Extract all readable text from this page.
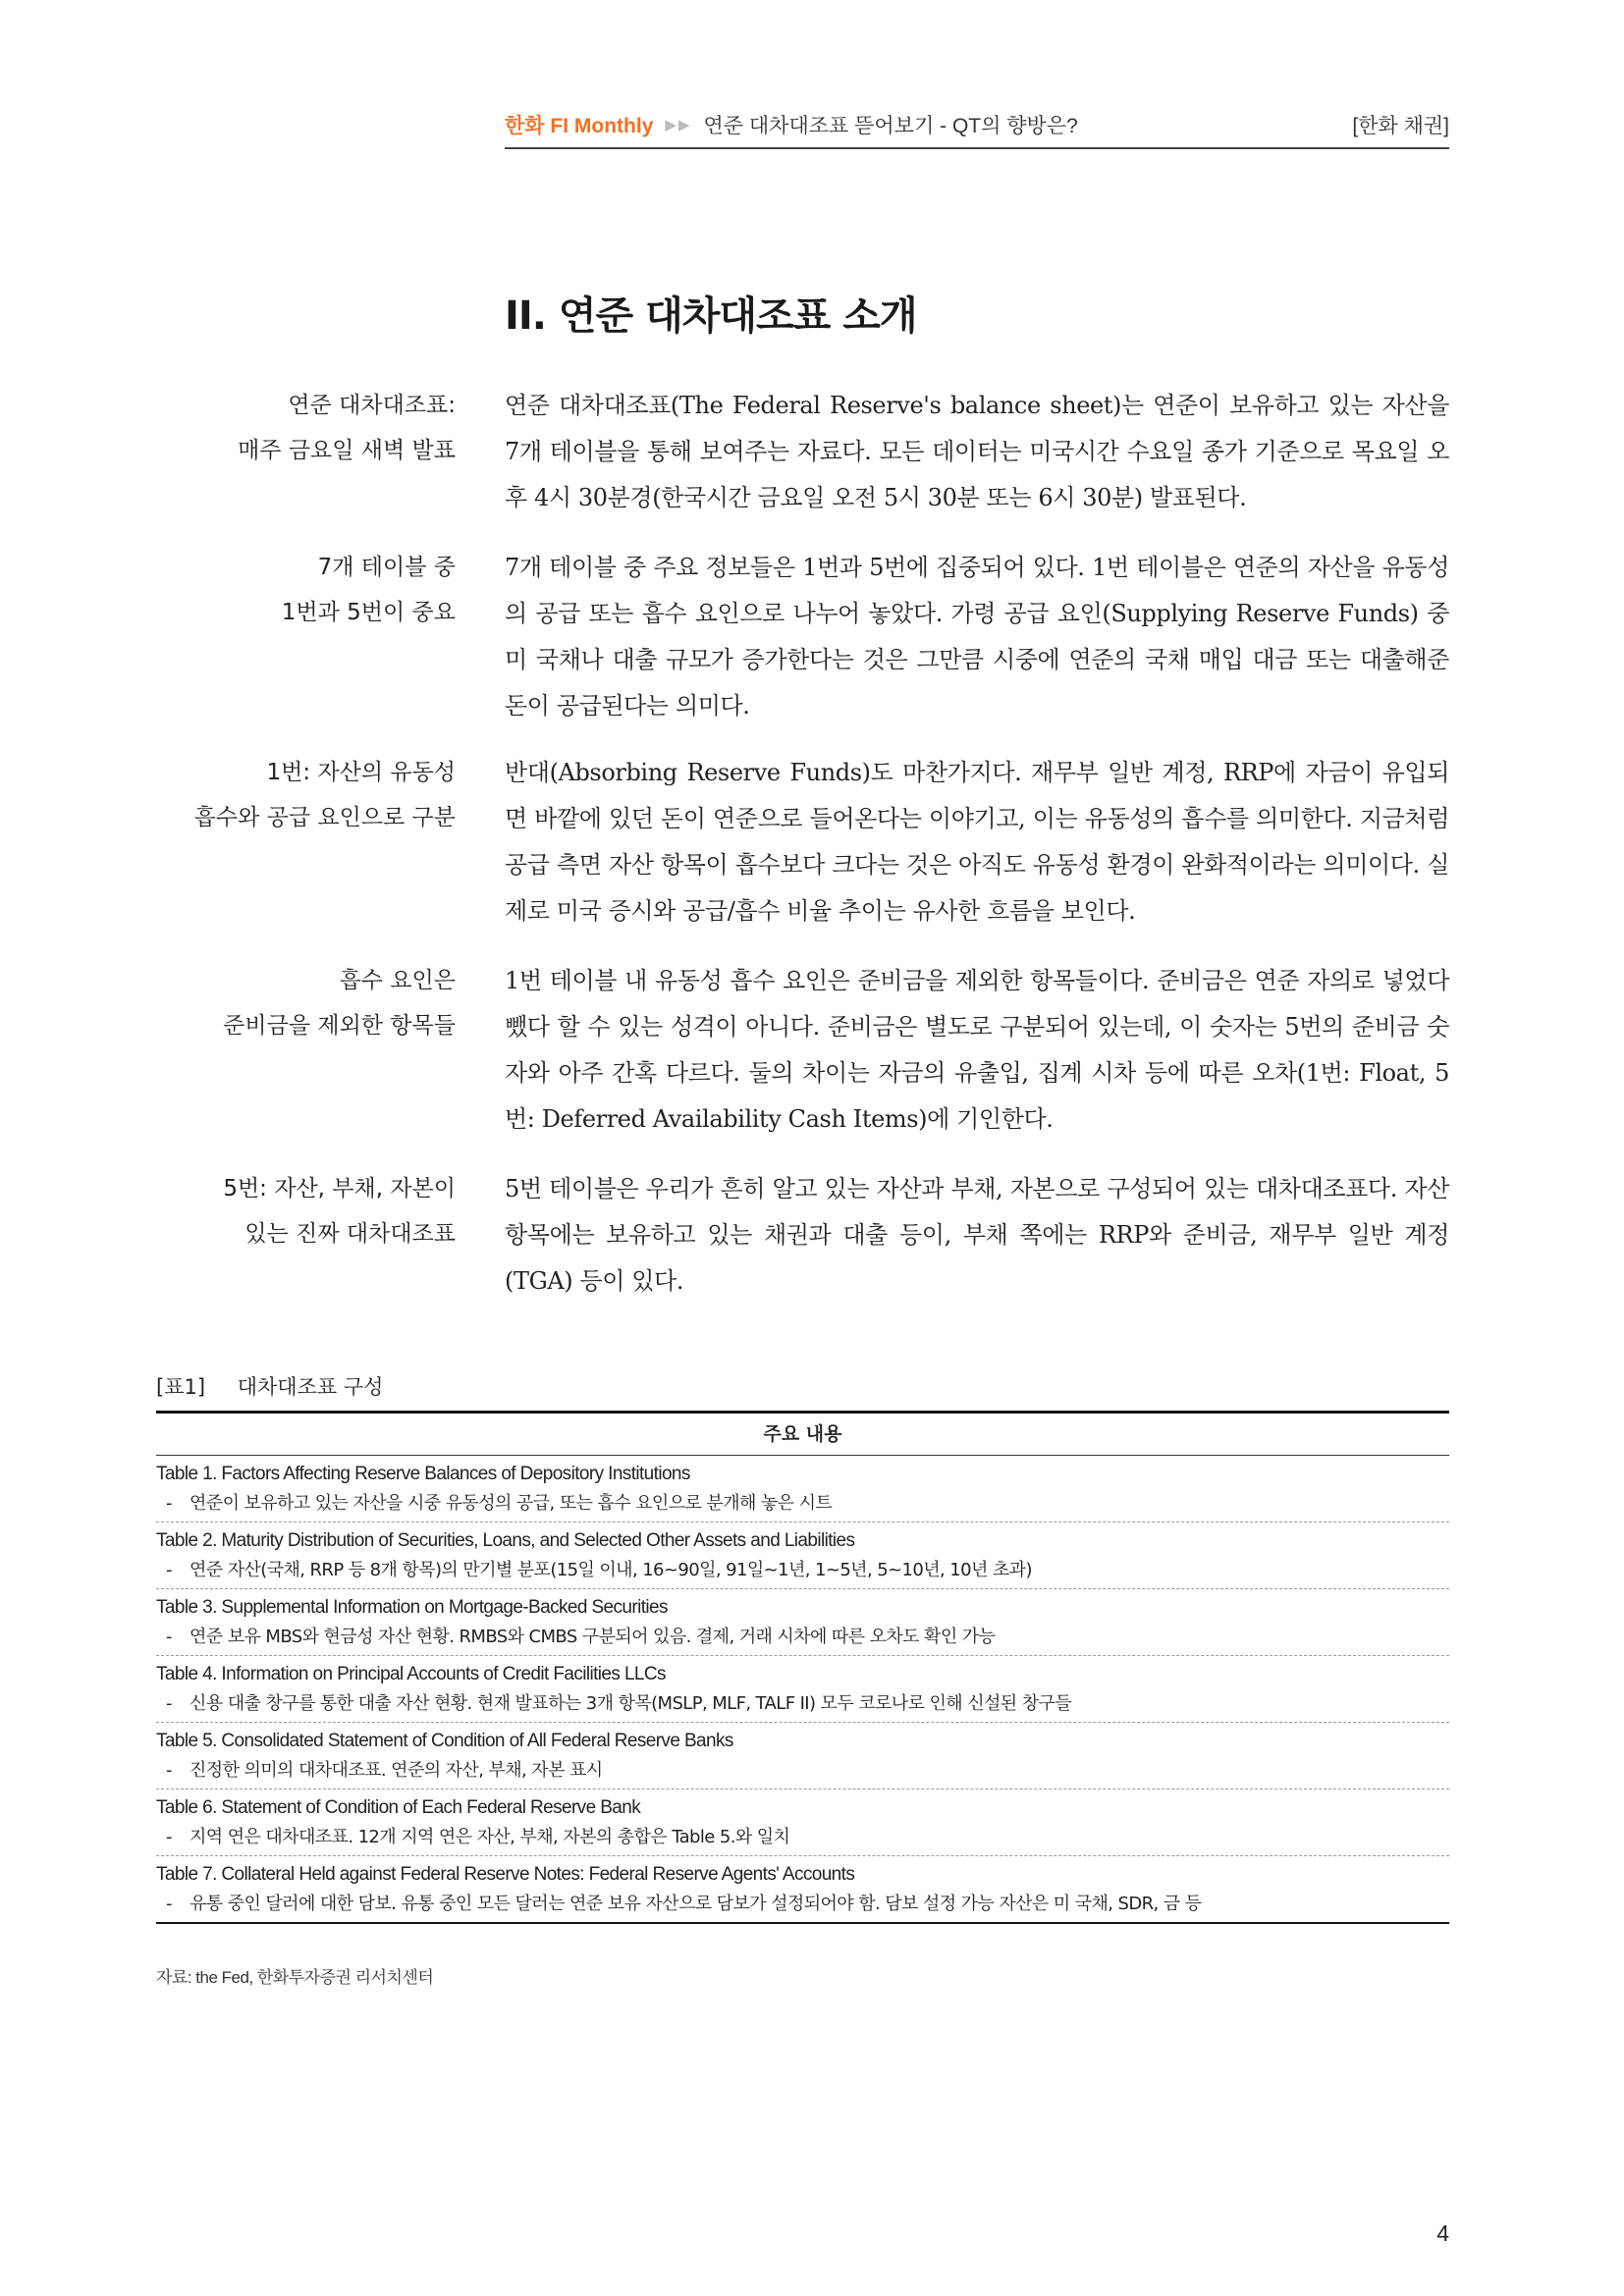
한화 FI Monthly ▶▶ 연준 대차대조표 뜯어보기 - QT의 향방은?	[한화 채권]
II. 연준 대차대조표 소개
연준 대차대조표:
매주 금요일 새벽 발표
연준 대차대조표(The Federal Reserve's balance sheet)는 연준이 보유하고 있는 자산을 7개 테이블을 통해 보여주는 자료다. 모든 데이터는 미국시간 수요일 종가 기준으로 목요일 오후 4시 30분경(한국시간 금요일 오전 5시 30분 또는 6시 30분) 발표된다.
7개 테이블 중
1번과 5번이 중요
7개 테이블 중 주요 정보들은 1번과 5번에 집중되어 있다. 1번 테이블은 연준의 자산을 유동성의 공급 또는 흡수 요인으로 나누어 놓았다. 가령 공급 요인(Supplying Reserve Funds) 중 미 국채나 대출 규모가 증가한다는 것은 그만큼 시중에 연준의 국채 매입 대금 또는 대출해준 돈이 공급된다는 의미다.
1번: 자산의 유동성
흡수와 공급 요인으로 구분
반대(Absorbing Reserve Funds)도 마찬가지다. 재무부 일반 계정, RRP에 자금이 유입되면 바깥에 있던 돈이 연준으로 들어온다는 이야기고, 이는 유동성의 흡수를 의미한다. 지금처럼 공급 측면 자산 항목이 흡수보다 크다는 것은 아직도 유동성 환경이 완화적이라는 의미이다. 실제로 미국 증시와 공급/흡수 비율 추이는 유사한 흐름을 보인다.
흡수 요인은
준비금을 제외한 항목들
1번 테이블 내 유동성 흡수 요인은 준비금을 제외한 항목들이다. 준비금은 연준 자의로 넣었다 뺐다 할 수 있는 성격이 아니다. 준비금은 별도로 구분되어 있는데, 이 숫자는 5번의 준비금 숫자와 아주 간혹 다르다. 둘의 차이는 자금의 유출입, 집계 시차 등에 따른 오차(1번: Float, 5번: Deferred Availability Cash Items)에 기인한다.
5번: 자산, 부채, 자본이
있는 진짜 대차대조표
5번 테이블은 우리가 흔히 알고 있는 자산과 부채, 자본으로 구성되어 있는 대차대조표다. 자산 항목에는 보유하고 있는 채권과 대출 등이, 부채 쪽에는 RRP와 준비금, 재무부 일반 계정(TGA) 등이 있다.
[표1] 대차대조표 구성
주요 내용
Table 1. Factors Affecting Reserve Balances of Depository Institutions
- 연준이 보유하고 있는 자산을 시중 유동성의 공급, 또는 흡수 요인으로 분개해 놓은 시트
Table 2. Maturity Distribution of Securities, Loans, and Selected Other Assets and Liabilities
- 연준 자산(국채, RRP 등 8개 항목)의 만기별 분포(15일 이내, 16~90일, 91일~1년, 1~5년, 5~10년, 10년 초과)
Table 3. Supplemental Information on Mortgage-Backed Securities
- 연준 보유 MBS와 현금성 자산 현황. RMBS와 CMBS 구분되어 있음. 결제, 거래 시차에 따른 오차도 확인 가능
Table 4. Information on Principal Accounts of Credit Facilities LLCs
- 신용 대출 창구를 통한 대출 자산 현황. 현재 발표하는 3개 항목(MSLP, MLF, TALF II) 모두 코로나로 인해 신설된 창구들
Table 5. Consolidated Statement of Condition of All Federal Reserve Banks
- 진정한 의미의 대차대조표. 연준의 자산, 부채, 자본 표시
Table 6. Statement of Condition of Each Federal Reserve Bank
- 지역 연은 대차대조표. 12개 지역 연은 자산, 부채, 자본의 총합은 Table 5.와 일치
Table 7. Collateral Held against Federal Reserve Notes: Federal Reserve Agents' Accounts
- 유통 중인 달러에 대한 담보. 유통 중인 모든 달러는 연준 보유 자산으로 담보가 설정되어야 함. 담보 설정 가능 자산은 미 국채, SDR, 금 등
자료: the Fed, 한화투자증권 리서치센터
4
